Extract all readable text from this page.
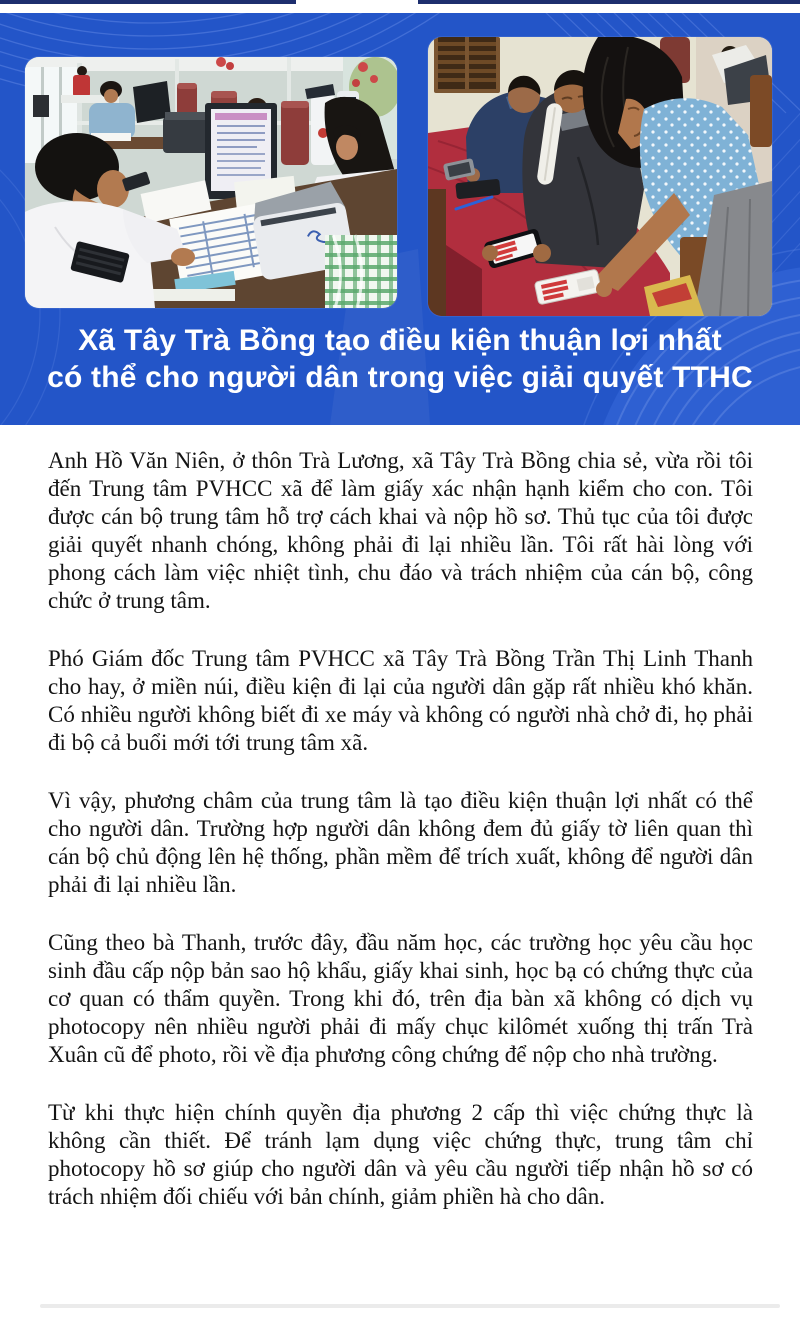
Xã Tây Trà Bồng tạo điều kiện thuận lợi nhất
có thể cho người dân trong việc giải quyết TTHC

Anh Hồ Văn Niên, ở thôn Trà Lương, xã Tây Trà Bồng chia sẻ, vừa rồi tôi đến Trung tâm PVHCC xã để làm giấy xác nhận hạnh kiểm cho con. Tôi được cán bộ trung tâm hỗ trợ cách khai và nộp hồ sơ. Thủ tục của tôi được giải quyết nhanh chóng, không phải đi lại nhiều lần. Tôi rất hài lòng với phong cách làm việc nhiệt tình, chu đáo và trách nhiệm của cán bộ, công chức ở trung tâm.

Phó Giám đốc Trung tâm PVHCC xã Tây Trà Bồng Trần Thị Linh Thanh cho hay, ở miền núi, điều kiện đi lại của người dân gặp rất nhiều khó khăn. Có nhiều người không biết đi xe máy và không có người nhà chở đi, họ phải đi bộ cả buổi mới tới trung tâm xã.

Vì vậy, phương châm của trung tâm là tạo điều kiện thuận lợi nhất có thể cho người dân. Trường hợp người dân không đem đủ giấy tờ liên quan thì cán bộ chủ động lên hệ thống, phần mềm để trích xuất, không để người dân phải đi lại nhiều lần.

Cũng theo bà Thanh, trước đây, đầu năm học, các trường học yêu cầu học sinh đầu cấp nộp bản sao hộ khẩu, giấy khai sinh, học bạ có chứng thực của cơ quan có thẩm quyền. Trong khi đó, trên địa bàn xã không có dịch vụ photocopy nên nhiều người phải đi mấy chục kilômét xuống thị trấn Trà Xuân cũ để photo, rồi về địa phương công chứng để nộp cho nhà trường.

Từ khi thực hiện chính quyền địa phương 2 cấp thì việc chứng thực là không cần thiết. Để tránh lạm dụng việc chứng thực, trung tâm chỉ photocopy hồ sơ giúp cho người dân và yêu cầu người tiếp nhận hồ sơ có trách nhiệm đối chiếu với bản chính, giảm phiền hà cho dân.
